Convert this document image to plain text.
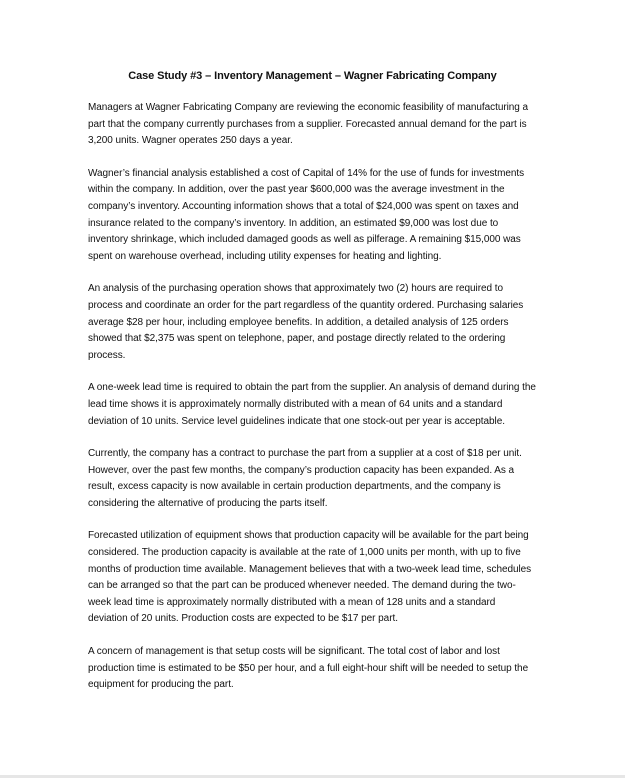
Case Study #3 – Inventory Management – Wagner Fabricating Company

Managers at Wagner Fabricating Company are reviewing the economic feasibility of manufacturing a part that the company currently purchases from a supplier. Forecasted annual demand for the part is 3,200 units. Wagner operates 250 days a year.

Wagner’s financial analysis established a cost of Capital of 14% for the use of funds for investments within the company. In addition, over the past year $600,000 was the average investment in the company’s inventory. Accounting information shows that a total of $24,000 was spent on taxes and insurance related to the company’s inventory. In addition, an estimated $9,000 was lost due to inventory shrinkage, which included damaged goods as well as pilferage. A remaining $15,000 was spent on warehouse overhead, including utility expenses for heating and lighting.

An analysis of the purchasing operation shows that approximately two (2) hours are required to process and coordinate an order for the part regardless of the quantity ordered. Purchasing salaries average $28 per hour, including employee benefits. In addition, a detailed analysis of 125 orders showed that $2,375 was spent on telephone, paper, and postage directly related to the ordering process.

A one-week lead time is required to obtain the part from the supplier. An analysis of demand during the lead time shows it is approximately normally distributed with a mean of 64 units and a standard deviation of 10 units. Service level guidelines indicate that one stock-out per year is acceptable.

Currently, the company has a contract to purchase the part from a supplier at a cost of $18 per unit. However, over the past few months, the company’s production capacity has been expanded. As a result, excess capacity is now available in certain production departments, and the company is considering the alternative of producing the parts itself.

Forecasted utilization of equipment shows that production capacity will be available for the part being considered. The production capacity is available at the rate of 1,000 units per month, with up to five months of production time available. Management believes that with a two-week lead time, schedules can be arranged so that the part can be produced whenever needed. The demand during the two-week lead time is approximately normally distributed with a mean of 128 units and a standard deviation of 20 units. Production costs are expected to be $17 per part.

A concern of management is that setup costs will be significant. The total cost of labor and lost production time is estimated to be $50 per hour, and a full eight-hour shift will be needed to setup the equipment for producing the part.
